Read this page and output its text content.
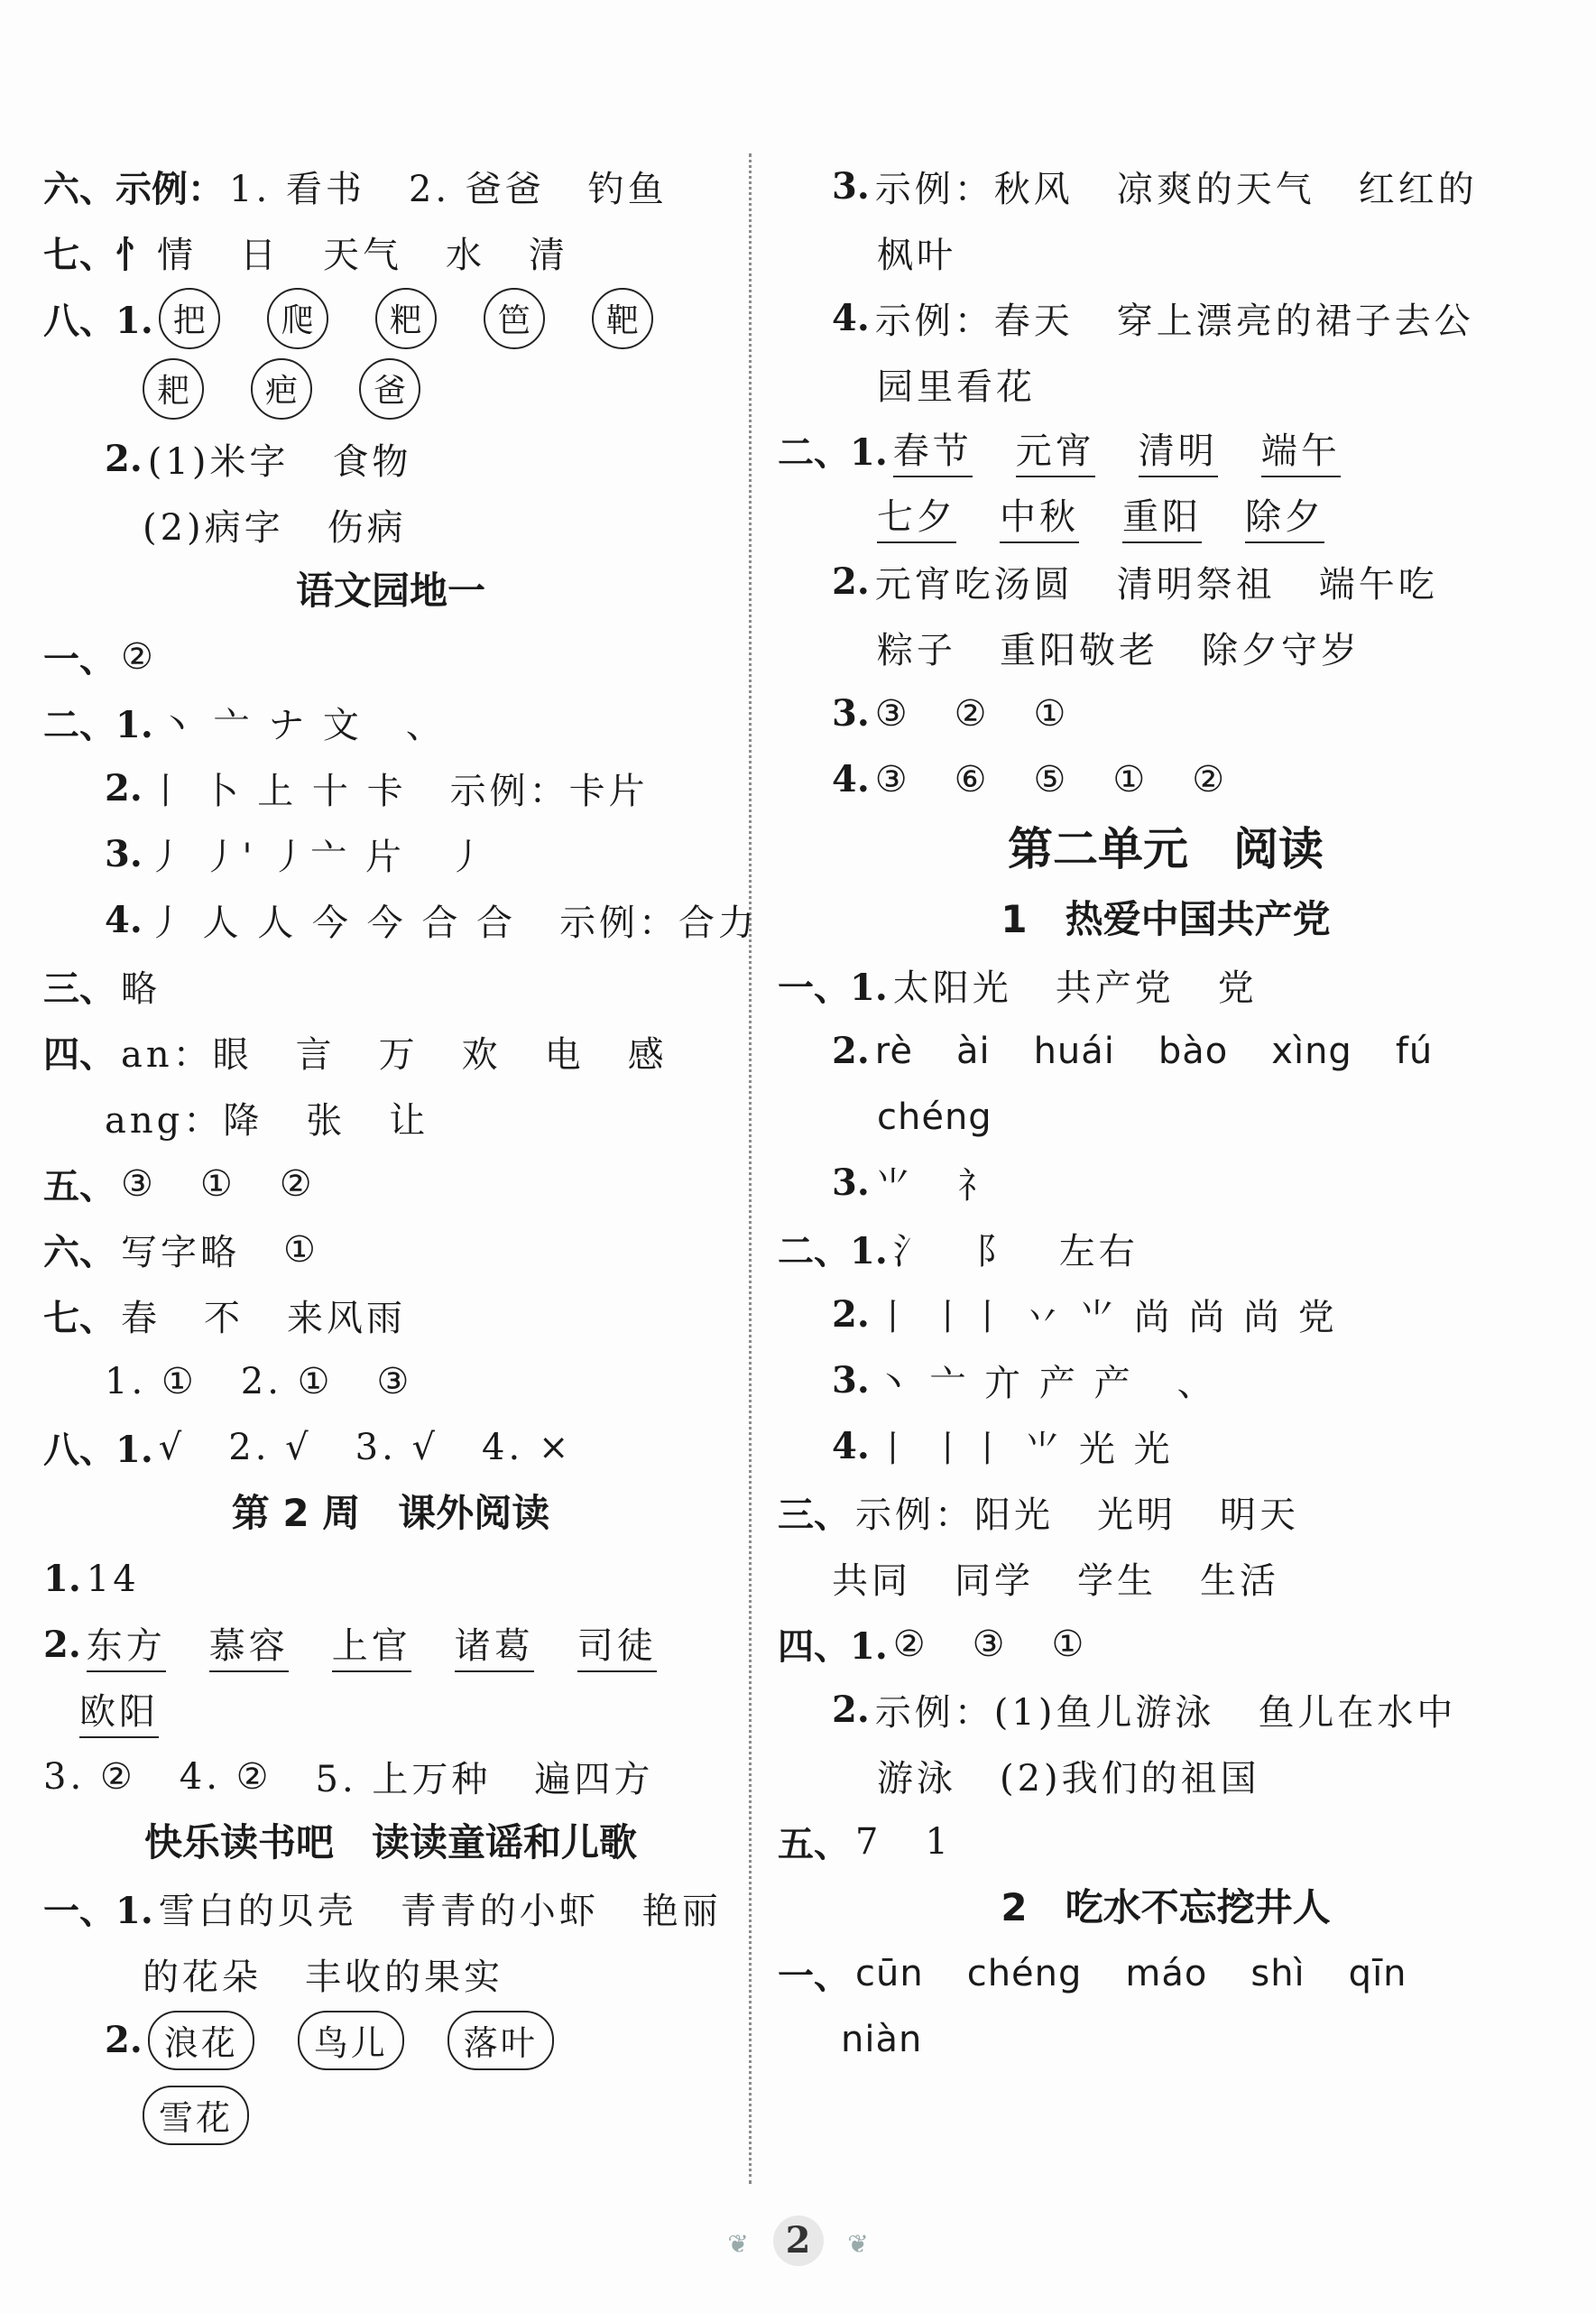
六、示例： 1. 看书 2. 爸爸 钓鱼
七、忄 情 日 天气 水 清
八、1. 把	爬	粑	笆	靶
耙	疤	爸
2. (1)米字 食物
(2)病字 伤病
语文园地一
一、 ②
二、1. 丶 亠 ナ 文 、
2. 丨 卜 上 十 卡 示例：卡片
3. 丿 丿' 丿亠 片 丿
4. 丿 人 人 今 今 合 合 示例：合力
三、 略
四、 an：眼 言 万 欢 电 感
ang：降 张 让
五、 ③ ① ②
六、 写字略 ①
七、 春 不 来风雨
1. ① 2. ① ③
八、1. √ 2. √ 3. √ 4. ×
第 2 周　课外阅读
1. 14
2. 东方 慕容 上官 诸葛 司徒
欧阳
3. ② 4. ② 5. 上万种 遍四方
快乐读书吧　读读童谣和儿歌
一、1. 雪白的贝壳 青青的小虾 艳丽
的花朵 丰收的果实
2. 浪花	鸟儿	落叶
雪花
3. 示例：秋风 凉爽的天气 红红的
枫叶
4. 示例：春天 穿上漂亮的裙子去公
园里看花
二、1. 春节 元宵 清明 端午
七夕 中秋 重阳 除夕
2. 元宵吃汤圆 清明祭祖 端午吃
粽子 重阳敬老 除夕守岁
3. ③ ② ①
4. ③ ⑥ ⑤ ① ②
第二单元　阅读
1　热爱中国共产党
一、1. 太阳光 共产党 党
2. rè ài huái bào xìng fú
chéng
3. ⺌ 礻
二、1. 氵 阝 左右
2. 丨 丨丨 丷 ⺌ 尚 尚 尚 党
3. 丶 亠 亣 产 产 、
4. 丨 丨丨 ⺌ 光 光
三、 示例：阳光 光明 明天
共同 同学 学生 生活
四、1. ② ③ ①
2. 示例：(1)鱼儿游泳 鱼儿在水中
游泳 (2)我们的祖国
五、 7 1
2　吃水不忘挖井人
一、 cūn chéng máo shì qīn
niàn
❦ 2 ❦
